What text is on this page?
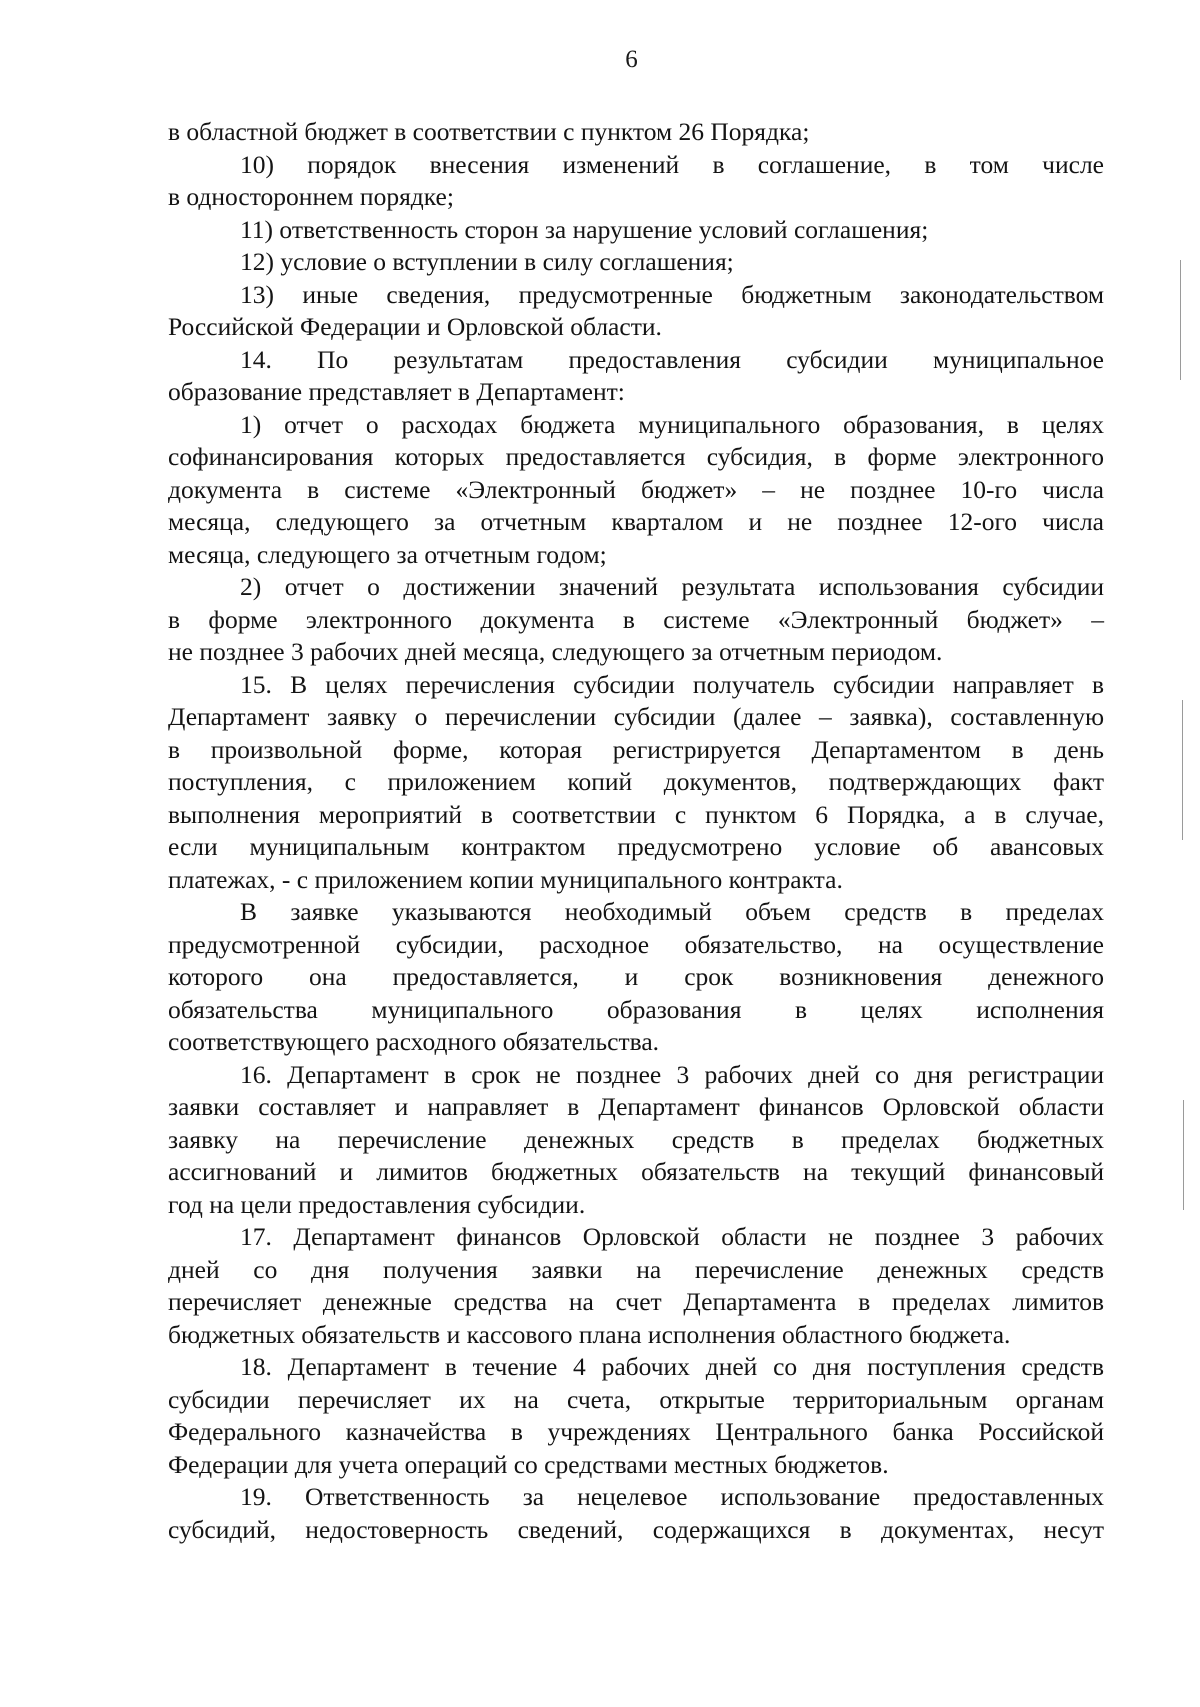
6
в областной бюджет в соответствии с пунктом 26 Порядка;
10) порядок внесения изменений в соглашение, в том числе
в одностороннем порядке;
11) ответственность сторон за нарушение условий соглашения;
12) условие о вступлении в силу соглашения;
13) иные сведения, предусмотренные бюджетным законодательством
Российской Федерации и Орловской области.
14. По результатам предоставления субсидии муниципальное
образование представляет в Департамент:
1) отчет о расходах бюджета муниципального образования, в целях
софинансирования которых предоставляется субсидия, в форме электронного
документа в системе «Электронный бюджет» – не позднее 10-го числа
месяца, следующего за отчетным кварталом и не позднее 12-ого числа
месяца, следующего за отчетным годом;
2) отчет о достижении значений результата использования субсидии
в форме электронного документа в системе «Электронный бюджет» –
не позднее 3 рабочих дней месяца, следующего за отчетным периодом.
15. В целях перечисления субсидии получатель субсидии направляет в
Департамент заявку о перечислении субсидии (далее – заявка), составленную
в произвольной форме, которая регистрируется Департаментом в день
поступления, с приложением копий документов, подтверждающих факт
выполнения мероприятий в соответствии с пунктом 6 Порядка, а в случае,
если муниципальным контрактом предусмотрено условие об авансовых
платежах, - с приложением копии муниципального контракта.
В заявке указываются необходимый объем средств в пределах
предусмотренной субсидии, расходное обязательство, на осуществление
которого она предоставляется, и срок возникновения денежного
обязательства муниципального образования в целях исполнения
соответствующего расходного обязательства.
16. Департамент в срок не позднее 3 рабочих дней со дня регистрации
заявки составляет и направляет в Департамент финансов Орловской области
заявку на перечисление денежных средств в пределах бюджетных
ассигнований и лимитов бюджетных обязательств на текущий финансовый
год на цели предоставления субсидии.
17. Департамент финансов Орловской области не позднее 3 рабочих
дней со дня получения заявки на перечисление денежных средств
перечисляет денежные средства на счет Департамента в пределах лимитов
бюджетных обязательств и кассового плана исполнения областного бюджета.
18. Департамент в течение 4 рабочих дней со дня поступления средств
субсидии перечисляет их на счета, открытые территориальным органам
Федерального казначейства в учреждениях Центрального банка Российской
Федерации для учета операций со средствами местных бюджетов.
19. Ответственность за нецелевое использование предоставленных
субсидий, недостоверность сведений, содержащихся в документах, несут
